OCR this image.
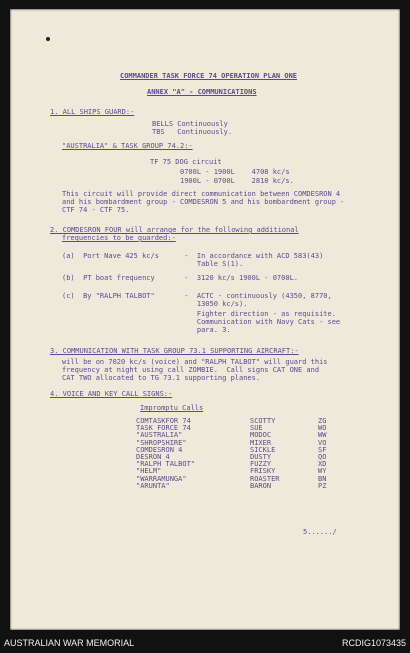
COMMANDER TASK FORCE 74 OPERATION PLAN ONE
ANNEX "A" - COMMUNICATIONS
1. ALL SHIPS GUARD:-
BELLS Continuously
TBS   Continuously.
"AUSTRALIA" & TASK GROUP 74.2:-
TF 75 DOG circuit
0700L - 1900L    4708 kc/s
1900L - 0700L    2810 kc/s.
This circuit will provide direct communication between COMDESRON 4
and his bombardment group - COMDESRON 5 and his bombardment group -
CTF 74 - CTF 75.
2. COMDESRON FOUR will arrange for the following additional
frequencies to be guarded:-
(a)  Port Nave 425 kc/s      -  In accordance with ACD 583(43)
Table S(1).
(b)  PT boat frequency       -  3120 kc/s 1900L - 0700L.
(c)  By "RALPH TALBOT"       -  ACTC - continuously (4350, 8770,
13050 kc/s).
Fighter direction - as requisite.
Communication with Navy Cats - see
para. 3.
3. COMMUNICATION WITH TASK GROUP 73.1 SUPPORTING AIRCRAFT:-
will be on 7020 kc/s (voice) and "RALPH TALBOT" will guard this
frequency at night using call ZOMBIE.  Call signs CAT ONE and
CAT TWO allocated to TG 73.1 supporting planes.
4. VOICE AND KEY CALL SIGNS:-
Impromptu Calls
COMTASKFOR 74	SCOTTY	ZG
TASK FORCE 74	SUE	WO
"AUSTRALIA"	MODOC	WW
"SHROPSHIRE"	MIXER	VO
COMDESRON 4	SICKLE	SF
DESRON 4	DUSTY	QO
"RALPH TALBOT"	FUZZY	XD
"HELM"	FRISKY	WY
"WARRAMUNGA"	ROASTER	BN
"ARUNTA"	BARON	PZ
5....../
AUSTRALIAN WAR MEMORIAL	RCDIG1073435
